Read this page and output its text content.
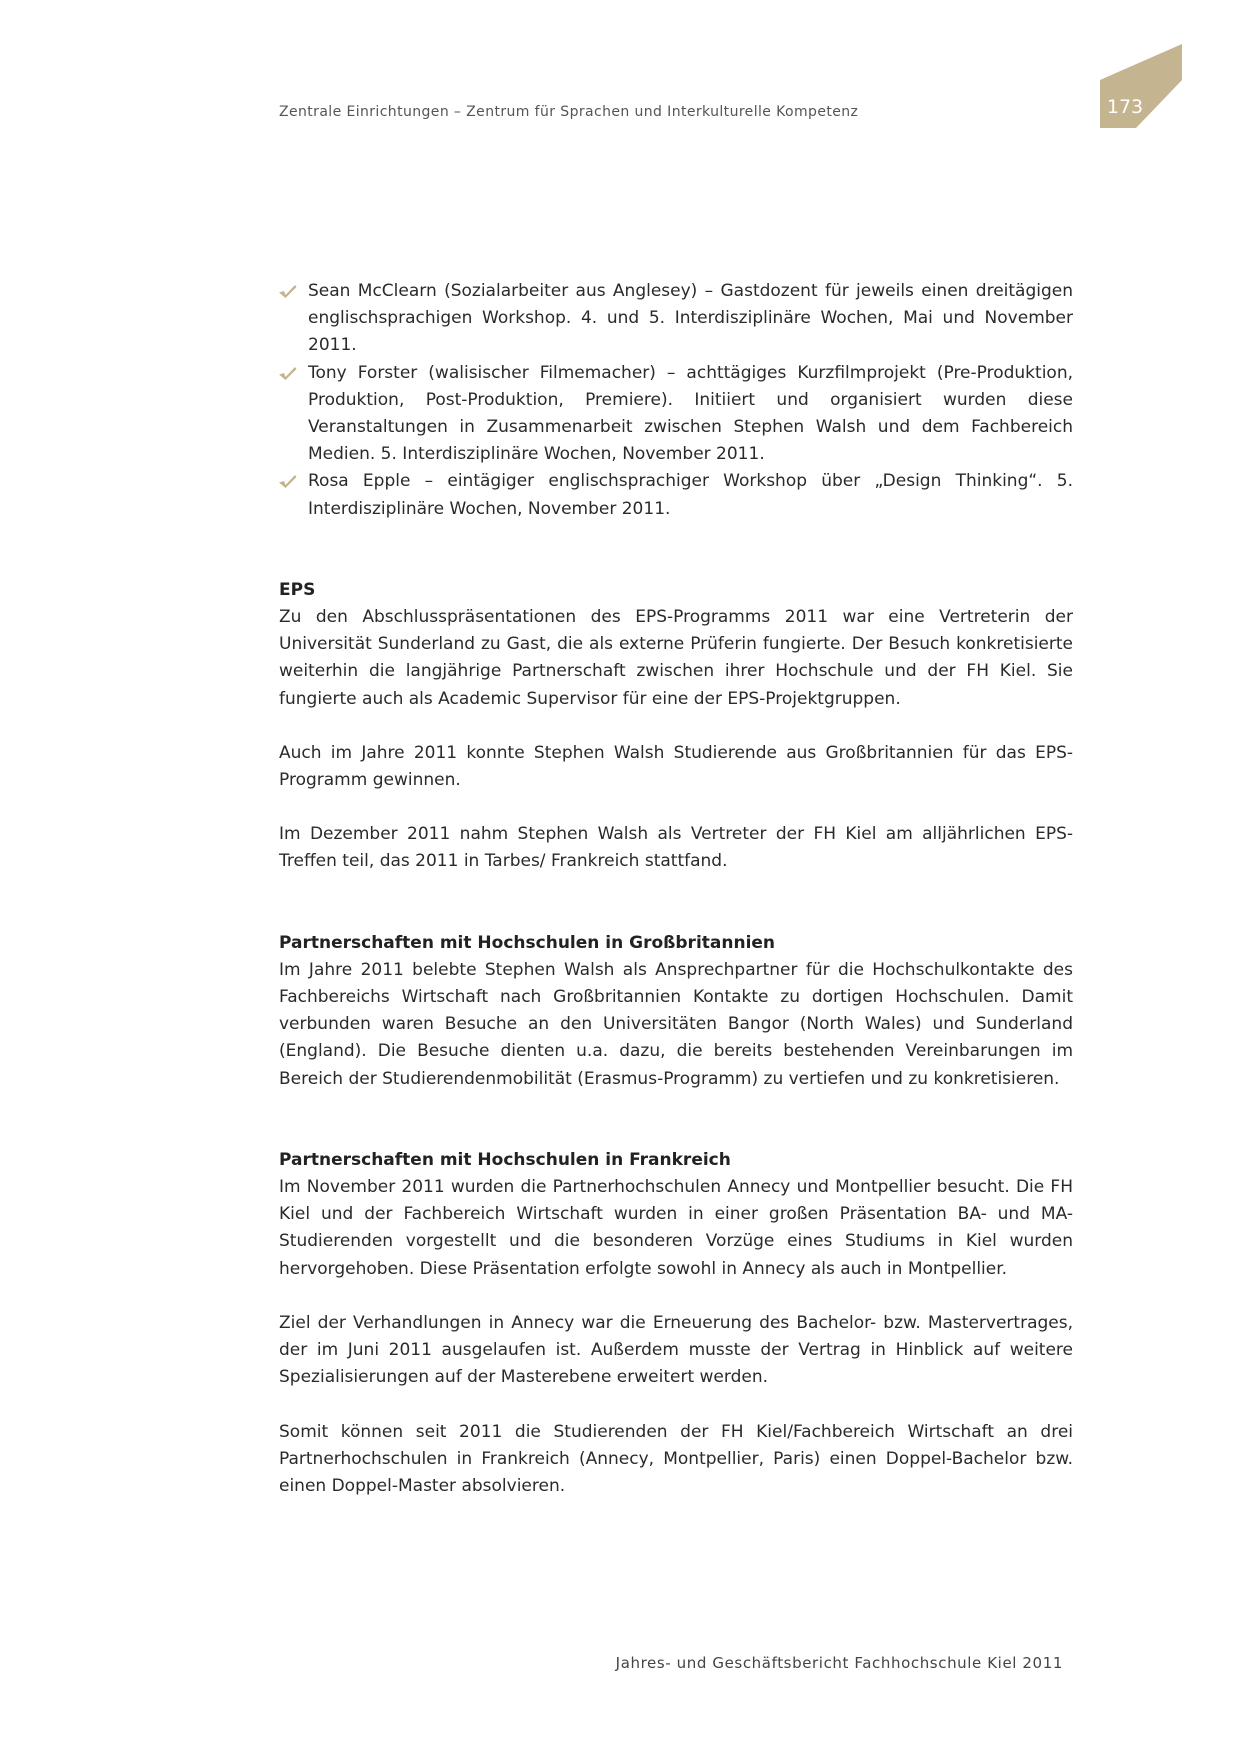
Zentrale Einrichtungen – Zentrum für Sprachen und Interkulturelle Kompetenz	173
Sean McClearn (Sozialarbeiter aus Anglesey) – Gastdozent für jeweils einen dreitägigen englischsprachigen Workshop. 4. und 5. Interdisziplinäre Wochen, Mai und November 2011.
Tony Forster (walisischer Filmemacher) – achttägiges Kurzfilmprojekt (Pre-Produktion, Produktion, Post-Produktion, Premiere). Initiiert und organisiert wurden diese Veranstaltungen in Zusammenarbeit zwischen Stephen Walsh und dem Fachbereich Medien. 5. Interdisziplinäre Wochen, November 2011.
Rosa Epple – eintägiger englischsprachiger Workshop über „Design Thinking“. 5. Interdisziplinäre Wochen, November 2011.
EPS

Zu den Abschlusspräsentationen des EPS-Programms 2011 war eine Vertreterin der Universität Sunderland zu Gast, die als externe Prüferin fungierte. Der Besuch konkretisierte weiterhin die langjährige Partnerschaft zwischen ihrer Hochschule und der FH Kiel. Sie fungierte auch als Academic Supervisor für eine der EPS-Projektgruppen.

Auch im Jahre 2011 konnte Stephen Walsh Studierende aus Großbritannien für das EPS-Programm gewinnen.

Im Dezember 2011 nahm Stephen Walsh als Vertreter der FH Kiel am alljährlichen EPS-Treffen teil, das 2011 in Tarbes/ Frankreich stattfand.

Partnerschaften mit Hochschulen in Großbritannien

Im Jahre 2011 belebte Stephen Walsh als Ansprechpartner für die Hochschulkontakte des Fachbereichs Wirtschaft nach Großbritannien Kontakte zu dortigen Hochschulen. Damit verbunden waren Besuche an den Universitäten Bangor (North Wales) und Sunderland (England). Die Besuche dienten u.a. dazu, die bereits bestehenden Vereinbarungen im Bereich der Studierendenmobilität (Erasmus-Programm) zu vertiefen und zu konkretisieren.

Partnerschaften mit Hochschulen in Frankreich

Im November 2011 wurden die Partnerhochschulen Annecy und Montpellier besucht. Die FH Kiel und der Fachbereich Wirtschaft wurden in einer großen Präsentation BA- und MA-Studierenden vorgestellt und die besonderen Vorzüge eines Studiums in Kiel wurden hervorgehoben. Diese Präsentation erfolgte sowohl in Annecy als auch in Montpellier.

Ziel der Verhandlungen in Annecy war die Erneuerung des Bachelor- bzw. Mastervertrages, der im Juni 2011 ausgelaufen ist. Außerdem musste der Vertrag in Hinblick auf weitere Spezialisierungen auf der Masterebene erweitert werden.

Somit können seit 2011 die Studierenden der FH Kiel/Fachbereich Wirtschaft an drei Partnerhochschulen in Frankreich (Annecy, Montpellier, Paris) einen Doppel-Bachelor bzw. einen Doppel-Master absolvieren.

Jahres- und Geschäftsbericht Fachhochschule Kiel 2011
